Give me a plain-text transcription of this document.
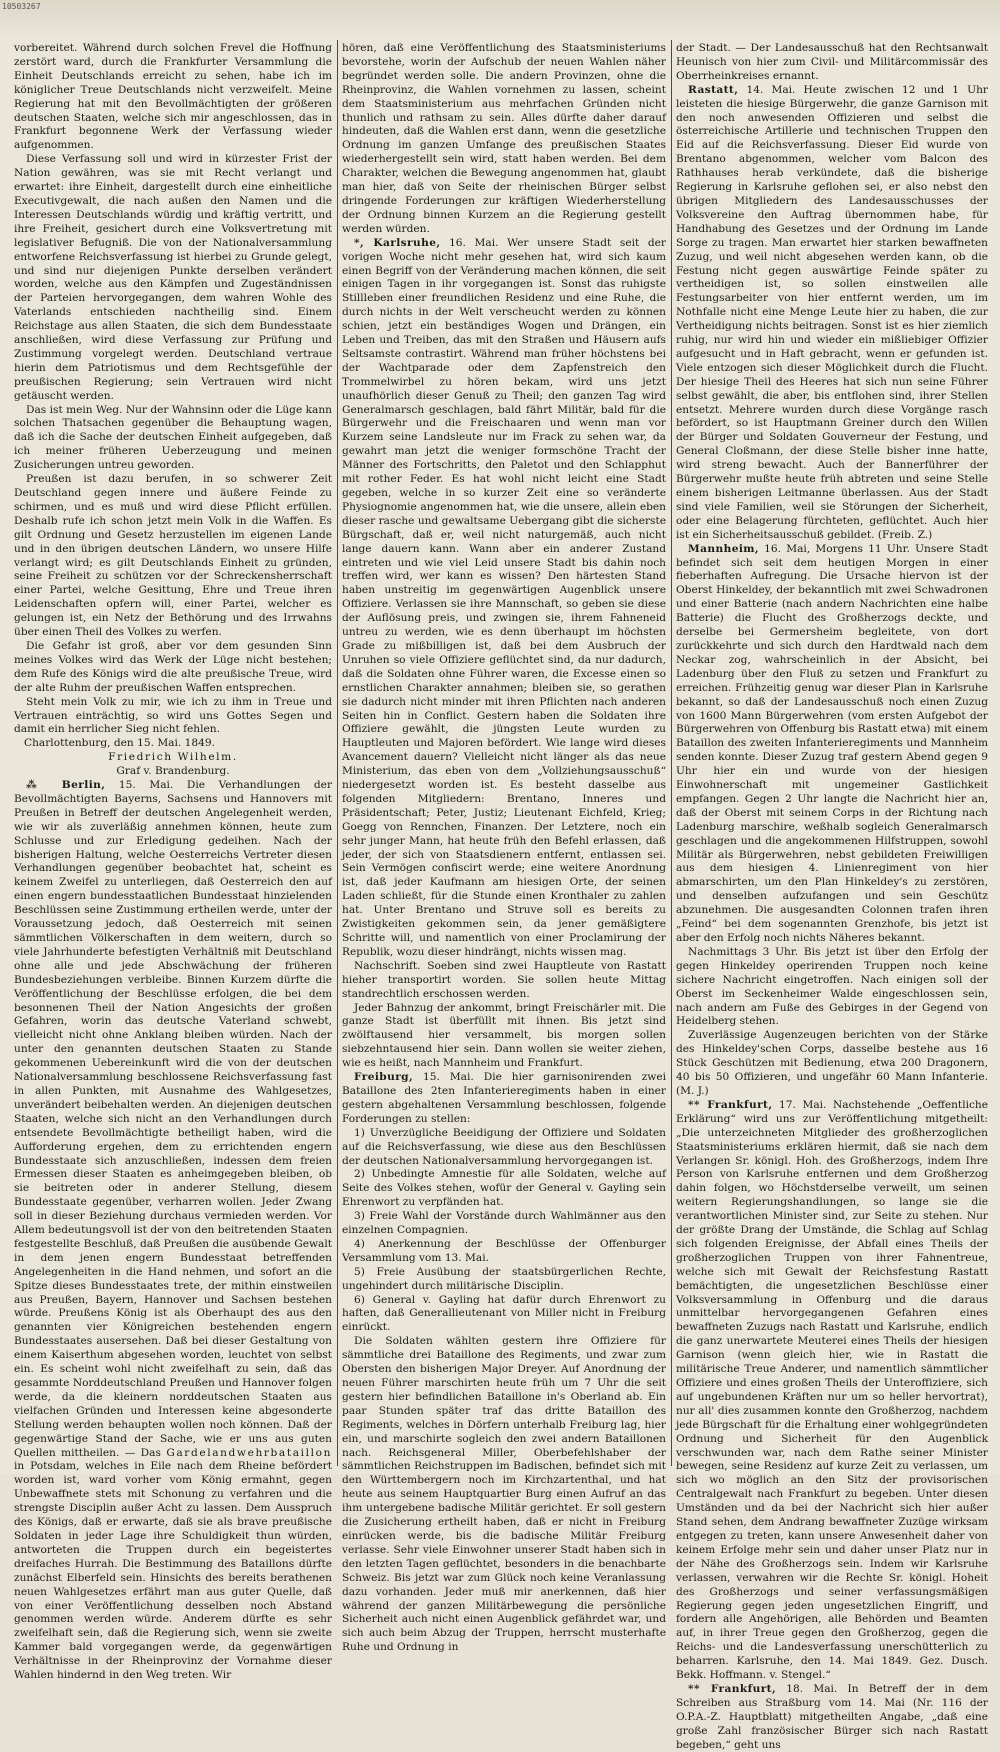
10503267

vorbereitet. Während durch solchen Frevel die Hoffnung zerstört ward, durch die Frankfurter Versammlung die Einheit Deutschlands erreicht zu sehen, habe ich im königlicher Treue Deutschlands nicht verzweifelt. Meine Regierung hat mit den Bevollmächtigten der größeren deutschen Staaten, welche sich mir angeschlossen, das in Frankfurt begonnene Werk der Verfassung wieder aufgenommen.

Diese Verfassung soll und wird in kürzester Frist der Nation gewähren, was sie mit Recht verlangt und erwartet: ihre Einheit, dargestellt durch eine einheitliche Executivgewalt, die nach außen den Namen und die Interessen Deutschlands würdig und kräftig vertritt, und ihre Freiheit, gesichert durch eine Volksvertretung mit legislativer Befugniß. Die von der Nationalversammlung entworfene Reichsverfassung ist hierbei zu Grunde gelegt, und sind nur diejenigen Punkte derselben verändert worden, welche aus den Kämpfen und Zugeständnissen der Parteien hervorgegangen, dem wahren Wohle des Vaterlands entschieden nachtheilig sind. Einem Reichstage aus allen Staaten, die sich dem Bundesstaate anschließen, wird diese Verfassung zur Prüfung und Zustimmung vorgelegt werden. Deutschland vertraue hierin dem Patriotismus und dem Rechtsgefühle der preußischen Regierung; sein Vertrauen wird nicht getäuscht werden.

Das ist mein Weg. Nur der Wahnsinn oder die Lüge kann solchen Thatsachen gegenüber die Behauptung wagen, daß ich die Sache der deutschen Einheit aufgegeben, daß ich meiner früheren Ueberzeugung und meinen Zusicherungen untreu geworden.

Preußen ist dazu berufen, in so schwerer Zeit Deutschland gegen innere und äußere Feinde zu schirmen, und es muß und wird diese Pflicht erfüllen. Deshalb rufe ich schon jetzt mein Volk in die Waffen. Es gilt Ordnung und Gesetz herzustellen im eigenen Lande und in den übrigen deutschen Ländern, wo unsere Hilfe verlangt wird; es gilt Deutschlands Einheit zu gründen, seine Freiheit zu schützen vor der Schreckensherrschaft einer Partei, welche Gesittung, Ehre und Treue ihren Leidenschaften opfern will, einer Partei, welcher es gelungen ist, ein Netz der Bethörung und des Irrwahns über einen Theil des Volkes zu werfen.

Die Gefahr ist groß, aber vor dem gesunden Sinn meines Volkes wird das Werk der Lüge nicht bestehen; dem Rufe des Königs wird die alte preußische Treue, wird der alte Ruhm der preußischen Waffen entsprechen.

Steht mein Volk zu mir, wie ich zu ihm in Treue und Vertrauen einträchtig, so wird uns Gottes Segen und damit ein herrlicher Sieg nicht fehlen.

Charlottenburg, den 15. Mai. 1849.

Friedrich Wilhelm.

Graf v. Brandenburg.

⁂ Berlin, 15. Mai. Die Verhandlungen der Bevollmächtigten Bayerns, Sachsens und Hannovers mit Preußen in Betreff der deutschen Angelegenheit werden, wie wir als zuverläßig annehmen können, heute zum Schlusse und zur Erledigung gedeihen. Nach der bisherigen Haltung, welche Oesterreichs Vertreter diesen Verhandlungen gegenüber beobachtet hat, scheint es keinem Zweifel zu unterliegen, daß Oesterreich den auf einen engern bundesstaatlichen Bundesstaat hinzielenden Beschlüssen seine Zustimmung ertheilen werde, unter der Voraussetzung jedoch, daß Oesterreich mit seinen sämmtlichen Völkerschaften in dem weitern, durch so viele Jahrhunderte befestigten Verhältniß mit Deutschland ohne alle und jede Abschwächung der früheren Bundesbeziehungen verbleibe. Binnen Kurzem dürfte die Veröffentlichung der Beschlüsse erfolgen, die bei dem besonnenen Theil der Nation Angesichts der großen Gefahren, worin das deutsche Vaterland schwebt, vielleicht nicht ohne Anklang bleiben würden. Nach der unter den genannten deutschen Staaten zu Stande gekommenen Uebereinkunft wird die von der deutschen Nationalversammlung beschlossene Reichsverfassung fast in allen Punkten, mit Ausnahme des Wahlgesetzes, unverändert beibehalten werden. An diejenigen deutschen Staaten, welche sich nicht an den Verhandlungen durch entsendete Bevollmächtigte betheiligt haben, wird die Aufforderung ergehen, dem zu errichtenden engern Bundesstaate sich anzuschließen, indessen dem freien Ermessen dieser Staaten es anheimgegeben bleiben, ob sie beitreten oder in anderer Stellung, diesem Bundesstaate gegenüber, verharren wollen. Jeder Zwang soll in dieser Beziehung durchaus vermieden werden. Vor Allem bedeutungsvoll ist der von den beitretenden Staaten festgestellte Beschluß, daß Preußen die ausübende Gewalt in dem jenen engern Bundesstaat betreffenden Angelegenheiten in die Hand nehmen, und sofort an die Spitze dieses Bundesstaates trete, der mithin einstweilen aus Preußen, Bayern, Hannover und Sachsen bestehen würde. Preußens König ist als Oberhaupt des aus den genannten vier Königreichen bestehenden engern Bundesstaates ausersehen. Daß bei dieser Gestaltung von einem Kaiserthum abgesehen worden, leuchtet von selbst ein. Es scheint wohl nicht zweifelhaft zu sein, daß das gesammte Norddeutschland Preußen und Hannover folgen werde, da die kleinern norddeutschen Staaten aus vielfachen Gründen und Interessen keine abgesonderte Stellung werden behaupten wollen noch können. Daß der gegenwärtige Stand der Sache, wie er uns aus guten Quellen mittheilen. — Das Gardelandwehrbataillon in Potsdam, welches in Eile nach dem Rheine befördert worden ist, ward vorher vom König ermahnt, gegen Unbewaffnete stets mit Schonung zu verfahren und die strengste Disciplin außer Acht zu lassen. Dem Ausspruch des Königs, daß er erwarte, daß sie als brave preußische Soldaten in jeder Lage ihre Schuldigkeit thun würden, antworteten die Truppen durch ein begeistertes dreifaches Hurrah. Die Bestimmung des Bataillons dürfte zunächst Elberfeld sein. Hinsichts des bereits berathenen neuen Wahlgesetzes erfährt man aus guter Quelle, daß von einer Veröffentlichung desselben noch Abstand genommen werden würde. Anderem dürfte es sehr zweifelhaft sein, daß die Regierung sich, wenn sie zweite Kammer bald vorgegangen werde, da gegenwärtigen Verhältnisse in der Rheinprovinz der Vornahme dieser Wahlen hindernd in den Weg treten. Wir

hören, daß eine Veröffentlichung des Staatsministeriums bevorstehe, worin der Aufschub der neuen Wahlen näher begründet werden solle. Die andern Provinzen, ohne die Rheinprovinz, die Wahlen vornehmen zu lassen, scheint dem Staatsministerium aus mehrfachen Gründen nicht thunlich und rathsam zu sein. Alles dürfte daher darauf hindeuten, daß die Wahlen erst dann, wenn die gesetzliche Ordnung im ganzen Umfange des preußischen Staates wiederhergestellt sein wird, statt haben werden. Bei dem Charakter, welchen die Bewegung angenommen hat, glaubt man hier, daß von Seite der rheinischen Bürger selbst dringende Forderungen zur kräftigen Wiederherstellung der Ordnung binnen Kurzem an die Regierung gestellt werden würden.

*, Karlsruhe, 16. Mai. Wer unsere Stadt seit der vorigen Woche nicht mehr gesehen hat, wird sich kaum einen Begriff von der Veränderung machen können, die seit einigen Tagen in ihr vorgegangen ist. Sonst das ruhigste Stillleben einer freundlichen Residenz und eine Ruhe, die durch nichts in der Welt verscheucht werden zu können schien, jetzt ein beständiges Wogen und Drängen, ein Leben und Treiben, das mit den Straßen und Häusern aufs Seltsamste contrastirt. Während man früher höchstens bei der Wachtparade oder dem Zapfenstreich den Trommelwirbel zu hören bekam, wird uns jetzt unaufhörlich dieser Genuß zu Theil; den ganzen Tag wird Generalmarsch geschlagen, bald fährt Militär, bald für die Bürgerwehr und die Freischaaren und wenn man vor Kurzem seine Landsleute nur im Frack zu sehen war, da gewahrt man jetzt die weniger formschöne Tracht der Männer des Fortschritts, den Paletot und den Schlapphut mit rother Feder. Es hat wohl nicht leicht eine Stadt gegeben, welche in so kurzer Zeit eine so veränderte Physiognomie angenommen hat, wie die unsere, allein eben dieser rasche und gewaltsame Uebergang gibt die sicherste Bürgschaft, daß er, weil nicht naturgemäß, auch nicht lange dauern kann. Wann aber ein anderer Zustand eintreten und wie viel Leid unsere Stadt bis dahin noch treffen wird, wer kann es wissen? Den härtesten Stand haben unstreitig im gegenwärtigen Augenblick unsere Offiziere. Verlassen sie ihre Mannschaft, so geben sie diese der Auflösung preis, und zwingen sie, ihrem Fahneneid untreu zu werden, wie es denn überhaupt im höchsten Grade zu mißbilligen ist, daß bei dem Ausbruch der Unruhen so viele Offiziere geflüchtet sind, da nur dadurch, daß die Soldaten ohne Führer waren, die Excesse einen so ernstlichen Charakter annahmen; bleiben sie, so gerathen sie dadurch nicht minder mit ihren Pflichten nach anderen Seiten hin in Conflict. Gestern haben die Soldaten ihre Offiziere gewählt, die jüngsten Leute wurden zu Hauptleuten und Majoren befördert. Wie lange wird dieses Avancement dauern? Vielleicht nicht länger als das neue Ministerium, das eben von dem „Vollziehungsausschuß“ niedergesetzt worden ist. Es besteht dasselbe aus folgenden Mitgliedern: Brentano, Inneres und Präsidentschaft; Peter, Justiz; Lieutenant Eichfeld, Krieg; Goegg von Rennchen, Finanzen. Der Letztere, noch ein sehr junger Mann, hat heute früh den Befehl erlassen, daß jeder, der sich von Staatsdienern entfernt, entlassen sei. Sein Vermögen confiscirt werde; eine weitere Anordnung ist, daß jeder Kaufmann am hiesigen Orte, der seinen Laden schließt, für die Stunde einen Kronthaler zu zahlen hat. Unter Brentano und Struve soll es bereits zu Zwistigkeiten gekommen sein, da jener gemäßigtere Schritte will, und namentlich von einer Proclamirung der Republik, wozu dieser hindrängt, nichts wissen mag.

Nachschrift. Soeben sind zwei Hauptleute von Rastatt hieher transportirt worden. Sie sollen heute Mittag standrechtlich erschossen werden.

Jeder Bahnzug der ankommt, bringt Freischärler mit. Die ganze Stadt ist überfüllt mit ihnen. Bis jetzt sind zwölftausend hier versammelt, bis morgen sollen siebzehntausend hier sein. Dann wollen sie weiter ziehen, wie es heißt, nach Mannheim und Frankfurt.

Freiburg, 15. Mai. Die hier garnisonirenden zwei Bataillone des 2ten Infanterieregiments haben in einer gestern abgehaltenen Versammlung beschlossen, folgende Forderungen zu stellen:

1) Unverzügliche Beeidigung der Offiziere und Soldaten auf die Reichsverfassung, wie diese aus den Beschlüssen der deutschen Nationalversammlung hervorgegangen ist.

2) Unbedingte Amnestie für alle Soldaten, welche auf Seite des Volkes stehen, wofür der General v. Gayling sein Ehrenwort zu verpfänden hat.

3) Freie Wahl der Vorstände durch Wahlmänner aus den einzelnen Compagnien.

4) Anerkennung der Beschlüsse der Offenburger Versammlung vom 13. Mai.

5) Freie Ausübung der staatsbürgerlichen Rechte, ungehindert durch militärische Disciplin.

6) General v. Gayling hat dafür durch Ehrenwort zu haften, daß Generallieutenant von Miller nicht in Freiburg einrückt.

Die Soldaten wählten gestern ihre Offiziere für sämmtliche drei Bataillone des Regiments, und zwar zum Obersten den bisherigen Major Dreyer. Auf Anordnung der neuen Führer marschirten heute früh um 7 Uhr die seit gestern hier befindlichen Bataillone in's Oberland ab. Ein paar Stunden später traf das dritte Bataillon des Regiments, welches in Dörfern unterhalb Freiburg lag, hier ein, und marschirte sogleich den zwei andern Bataillonen nach. Reichsgeneral Miller, Oberbefehlshaber der sämmtlichen Reichstruppen im Badischen, befindet sich mit den Württembergern noch im Kirchzartenthal, und hat heute aus seinem Hauptquartier Burg einen Aufruf an das ihm untergebene badische Militär gerichtet. Er soll gestern die Zusicherung ertheilt haben, daß er nicht in Freiburg einrücken werde, bis die badische Militär Freiburg verlasse. Sehr viele Einwohner unserer Stadt haben sich in den letzten Tagen geflüchtet, besonders in die benachbarte Schweiz. Bis jetzt war zum Glück noch keine Veranlassung dazu vorhanden. Jeder muß mir anerkennen, daß hier während der ganzen Militärbewegung die persönliche Sicherheit auch nicht einen Augenblick gefährdet war, und sich auch beim Abzug der Truppen, herrscht musterhafte Ruhe und Ordnung in

der Stadt. — Der Landesausschuß hat den Rechtsanwalt Heunisch von hier zum Civil- und Militärcommissär des Oberrheinkreises ernannt.

Rastatt, 14. Mai. Heute zwischen 12 und 1 Uhr leisteten die hiesige Bürgerwehr, die ganze Garnison mit den noch anwesenden Offizieren und selbst die österreichische Artillerie und technischen Truppen den Eid auf die Reichsverfassung. Dieser Eid wurde von Brentano abgenommen, welcher vom Balcon des Rathhauses herab verkündete, daß die bisherige Regierung in Karlsruhe geflohen sei, er also nebst den übrigen Mitgliedern des Landesausschusses der Volksvereine den Auftrag übernommen habe, für Handhabung des Gesetzes und der Ordnung im Lande Sorge zu tragen. Man erwartet hier starken bewaffneten Zuzug, und weil nicht abgesehen werden kann, ob die Festung nicht gegen auswärtige Feinde später zu vertheidigen ist, so sollen einstweilen alle Festungsarbeiter von hier entfernt werden, um im Nothfalle nicht eine Menge Leute hier zu haben, die zur Vertheidigung nichts beitragen. Sonst ist es hier ziemlich ruhig, nur wird hin und wieder ein mißliebiger Offizier aufgesucht und in Haft gebracht, wenn er gefunden ist. Viele entzogen sich dieser Möglichkeit durch die Flucht. Der hiesige Theil des Heeres hat sich nun seine Führer selbst gewählt, die aber, bis entflohen sind, ihrer Stellen entsetzt. Mehrere wurden durch diese Vorgänge rasch befördert, so ist Hauptmann Greiner durch den Willen der Bürger und Soldaten Gouverneur der Festung, und General Cloßmann, der diese Stelle bisher inne hatte, wird streng bewacht. Auch der Bannerführer der Bürgerwehr mußte heute früh abtreten und seine Stelle einem bisherigen Leitmanne überlassen. Aus der Stadt sind viele Familien, weil sie Störungen der Sicherheit, oder eine Belagerung fürchteten, geflüchtet. Auch hier ist ein Sicherheitsausschuß gebildet. (Freib. Z.)

Mannheim, 16. Mai, Morgens 11 Uhr. Unsere Stadt befindet sich seit dem heutigen Morgen in einer fieberhaften Aufregung. Die Ursache hiervon ist der Oberst Hinkeldey, der bekanntlich mit zwei Schwadronen und einer Batterie (nach andern Nachrichten eine halbe Batterie) die Flucht des Großherzogs deckte, und derselbe bei Germersheim begleitete, von dort zurückkehrte und sich durch den Hardtwald nach dem Neckar zog, wahrscheinlich in der Absicht, bei Ladenburg über den Fluß zu setzen und Frankfurt zu erreichen. Frühzeitig genug war dieser Plan in Karlsruhe bekannt, so daß der Landesausschuß noch einen Zuzug von 1600 Mann Bürgerwehren (vom ersten Aufgebot der Bürgerwehren von Offenburg bis Rastatt etwa) mit einem Bataillon des zweiten Infanterieregiments und Mannheim senden konnte. Dieser Zuzug traf gestern Abend gegen 9 Uhr hier ein und wurde von der hiesigen Einwohnerschaft mit ungemeiner Gastlichkeit empfangen. Gegen 2 Uhr langte die Nachricht hier an, daß der Oberst mit seinem Corps in der Richtung nach Ladenburg marschire, weßhalb sogleich Generalmarsch geschlagen und die angekommenen Hilfstruppen, sowohl Militär als Bürgerwehren, nebst gebildeten Freiwilligen aus dem hiesigen 4. Linienregiment von hier abmarschirten, um den Plan Hinkeldey's zu zerstören, und denselben aufzufangen und sein Geschütz abzunehmen. Die ausgesandten Colonnen trafen ihren „Feind“ bei dem sogenannten Grenzhofe, bis jetzt ist aber den Erfolg noch nichts Näheres bekannt.

Nachmittags 3 Uhr. Bis jetzt ist über den Erfolg der gegen Hinkeldey operirenden Truppen noch keine sichere Nachricht eingetroffen. Nach einigen soll der Oberst im Seckenheimer Walde eingeschlossen sein, nach andern am Fuße des Gebirges in der Gegend von Heidelberg stehen.

Zuverlässige Augenzeugen berichten von der Stärke des Hinkeldey'schen Corps, dasselbe bestehe aus 16 Stück Geschützen mit Bedienung, etwa 200 Dragonern, 40 bis 50 Offizieren, und ungefähr 60 Mann Infanterie. (M. J.)

** Frankfurt, 17. Mai. Nachstehende „Oeffentliche Erklärung“ wird uns zur Veröffentlichung mitgetheilt: „Die unterzeichneten Mitglieder des großherzoglichen Staatsministeriums erklären hiermit, daß sie nach dem Verlangen Sr. königl. Hoh. des Großherzogs, indem Ihre Person von Karlsruhe entfernen und dem Großherzog dahin folgen, wo Höchstderselbe verweilt, um seinen weitern Regierungshandlungen, so lange sie die verantwortlichen Minister sind, zur Seite zu stehen. Nur der größte Drang der Umstände, die Schlag auf Schlag sich folgenden Ereignisse, der Abfall eines Theils der großherzoglichen Truppen von ihrer Fahnentreue, welche sich mit Gewalt der Reichsfestung Rastatt bemächtigten, die ungesetzlichen Beschlüsse einer Volksversammlung in Offenburg und die daraus unmittelbar hervorgegangenen Gefahren eines bewaffneten Zuzugs nach Rastatt und Karlsruhe, endlich die ganz unerwartete Meuterei eines Theils der hiesigen Garnison (wenn gleich hier, wie in Rastatt die militärische Treue Anderer, und namentlich sämmtlicher Offiziere und eines großen Theils der Unteroffiziere, sich auf ungebundenen Kräften nur um so heller hervortrat), nur all' dies zusammen konnte den Großherzog, nachdem jede Bürgschaft für die Erhaltung einer wohlgegründeten Ordnung und Sicherheit für den Augenblick verschwunden war, nach dem Rathe seiner Minister bewegen, seine Residenz auf kurze Zeit zu verlassen, um sich wo möglich an den Sitz der provisorischen Centralgewalt nach Frankfurt zu begeben. Unter diesen Umständen und da bei der Nachricht sich hier außer Stand sehen, dem Andrang bewaffneter Zuzüge wirksam entgegen zu treten, kann unsere Anwesenheit daher von keinem Erfolge mehr sein und daher unser Platz nur in der Nähe des Großherzogs sein. Indem wir Karlsruhe verlassen, verwahren wir die Rechte Sr. königl. Hoheit des Großherzogs und seiner verfassungsmäßigen Regierung gegen jeden ungesetzlichen Eingriff, und fordern alle Angehörigen, alle Behörden und Beamten auf, in ihrer Treue gegen den Großherzog, gegen die Reichs- und die Landesverfassung unerschütterlich zu beharren. Karlsruhe, den 14. Mai 1849. Gez. Dusch. Bekk. Hoffmann. v. Stengel.“

** Frankfurt, 18. Mai. In Betreff der in dem Schreiben aus Straßburg vom 14. Mai (Nr. 116 der O.P.A.-Z. Hauptblatt) mitgetheilten Angabe, „daß eine große Zahl französischer Bürger sich nach Rastatt begeben,“ geht uns
